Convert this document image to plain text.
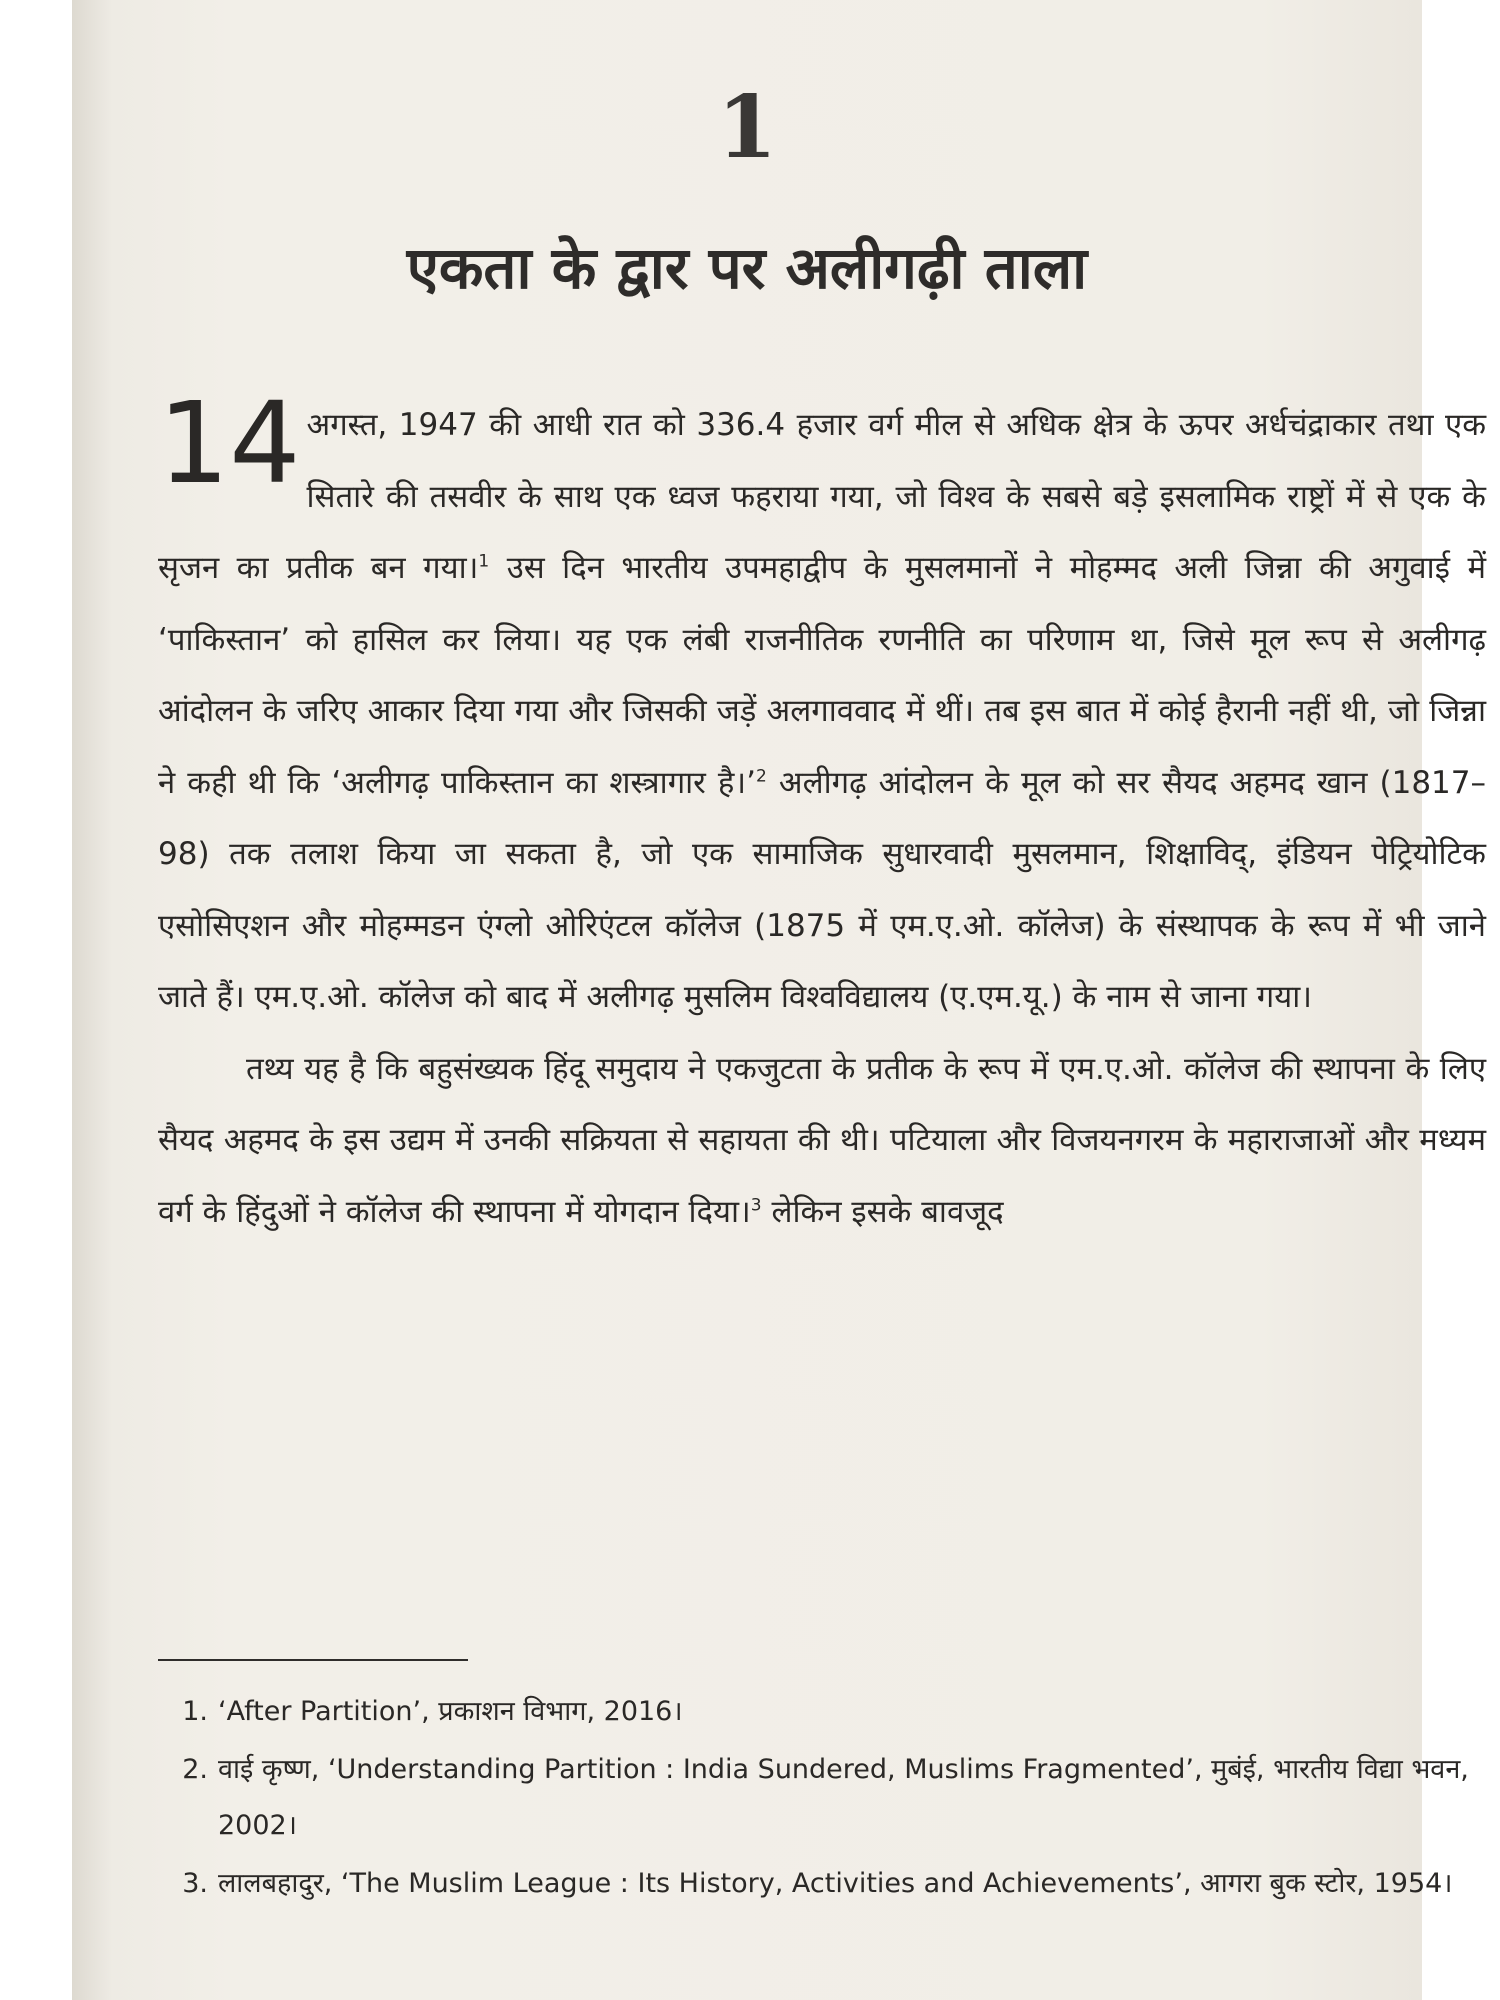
1
एकता के द्वार पर अलीगढ़ी ताला

14 अगस्त, 1947 की आधी रात को 336.4 हजार वर्ग मील से अधिक क्षेत्र के ऊपर अर्धचंद्राकार तथा एक सितारे की तसवीर के साथ एक ध्वज फहराया गया, जो विश्व के सबसे बड़े इसलामिक राष्ट्रों में से एक के सृजन का प्रतीक बन गया।$^1$ उस दिन भारतीय उपमहाद्वीप के मुसलमानों ने मोहम्मद अली जिन्ना की अगुवाई में ‘पाकिस्तान’ को हासिल कर लिया। यह एक लंबी राजनीतिक रणनीति का परिणाम था, जिसे मूल रूप से अलीगढ़ आंदोलन के जरिए आकार दिया गया और जिसकी जड़ें अलगाववाद में थीं। तब इस बात में कोई हैरानी नहीं थी, जो जिन्ना ने कही थी कि ‘अलीगढ़ पाकिस्तान का शस्त्रागार है।’$^2$ अलीगढ़ आंदोलन के मूल को सर सैयद अहमद खान (1817–98) तक तलाश किया जा सकता है, जो एक सामाजिक सुधारवादी मुसलमान, शिक्षाविद्, इंडियन पेट्रियोटिक एसोसिएशन और मोहम्मडन एंग्लो ओरिएंटल कॉलेज (1875 में एम.ए.ओ. कॉलेज) के संस्थापक के रूप में भी जाने जाते हैं। एम.ए.ओ. कॉलेज को बाद में अलीगढ़ मुसलिम विश्वविद्यालय (ए.एम.यू.) के नाम से जाना गया।

तथ्य यह है कि बहुसंख्यक हिंदू समुदाय ने एकजुटता के प्रतीक के रूप में एम.ए.ओ. कॉलेज की स्थापना के लिए सैयद अहमद के इस उद्यम में उनकी सक्रियता से सहायता की थी। पटियाला और विजयनगरम के महाराजाओं और मध्यम वर्ग के हिंदुओं ने कॉलेज की स्थापना में योगदान दिया।$^3$ लेकिन इसके बावजूद

1. ‘After Partition’, प्रकाशन विभाग, 2016।
2. वाई कृष्ण, ‘Understanding Partition : India Sundered, Muslims Fragmented’, मुबंई, भारतीय विद्या भवन, 2002।
3. लालबहादुर, ‘The Muslim League : Its History, Activities and Achievements’, आगरा बुक स्टोर, 1954।
